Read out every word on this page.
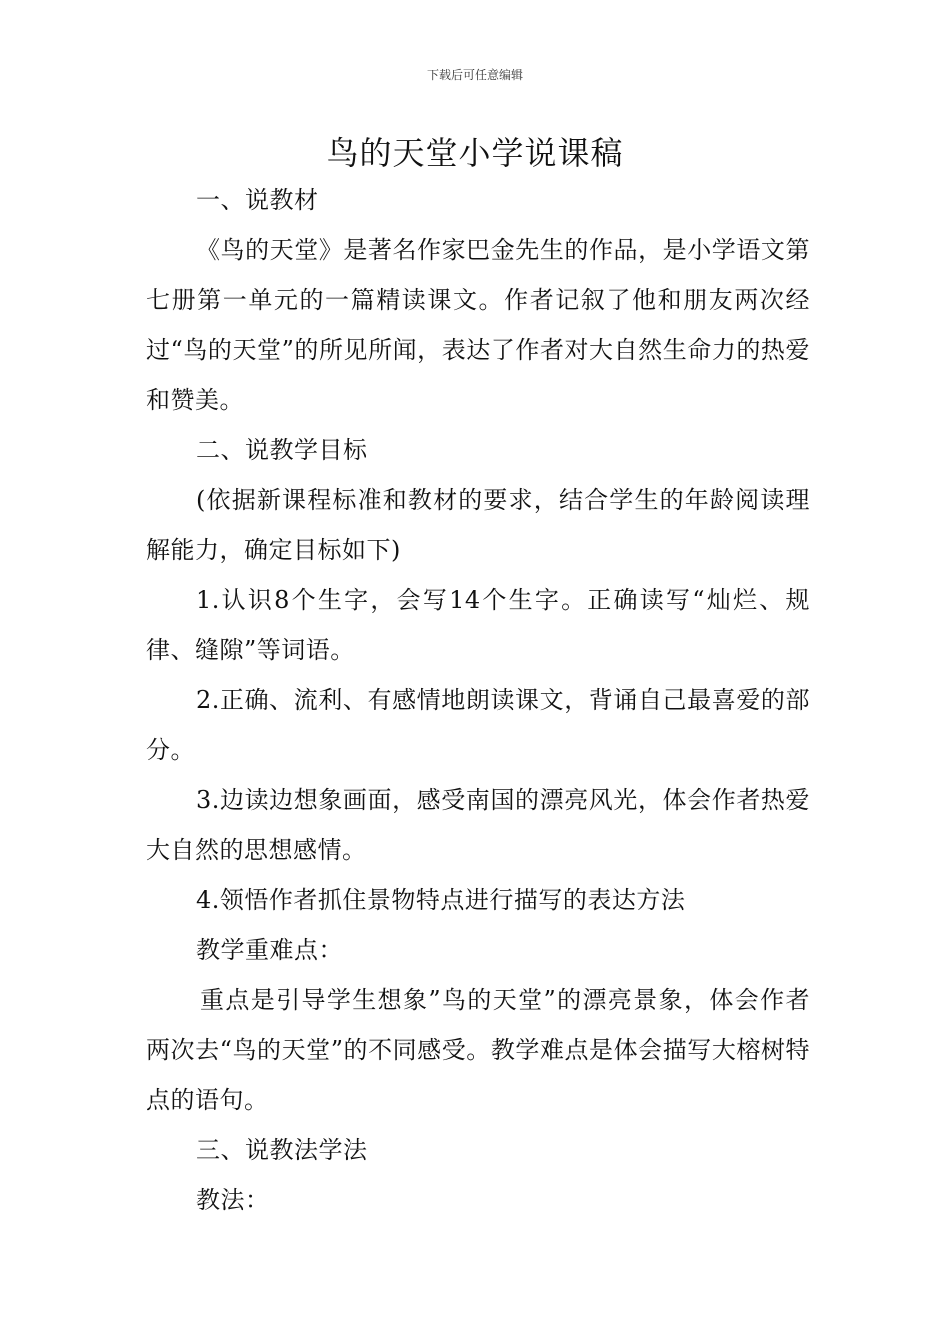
下载后可任意编辑
鸟的天堂小学说课稿

一、说教材

《鸟的天堂》是著名作家巴金先生的作品，是小学语文第七册第一单元的一篇精读课文。作者记叙了他和朋友两次经过“鸟的天堂”的所见所闻，表达了作者对大自然生命力的热爱和赞美。

二、说教学目标

(依据新课程标准和教材的要求，结合学生的年龄阅读理解能力，确定目标如下)

1.认识8个生字，会写14个生字。正确读写“灿烂、规律、缝隙”等词语。

2.正确、流利、有感情地朗读课文，背诵自己最喜爱的部分。

3.边读边想象画面，感受南国的漂亮风光，体会作者热爱大自然的思想感情。

4.领悟作者抓住景物特点进行描写的表达方法

教学重难点：

重点是引导学生想象”鸟的天堂”的漂亮景象，体会作者两次去“鸟的天堂”的不同感受。教学难点是体会描写大榕树特点的语句。

三、说教法学法

教法：
